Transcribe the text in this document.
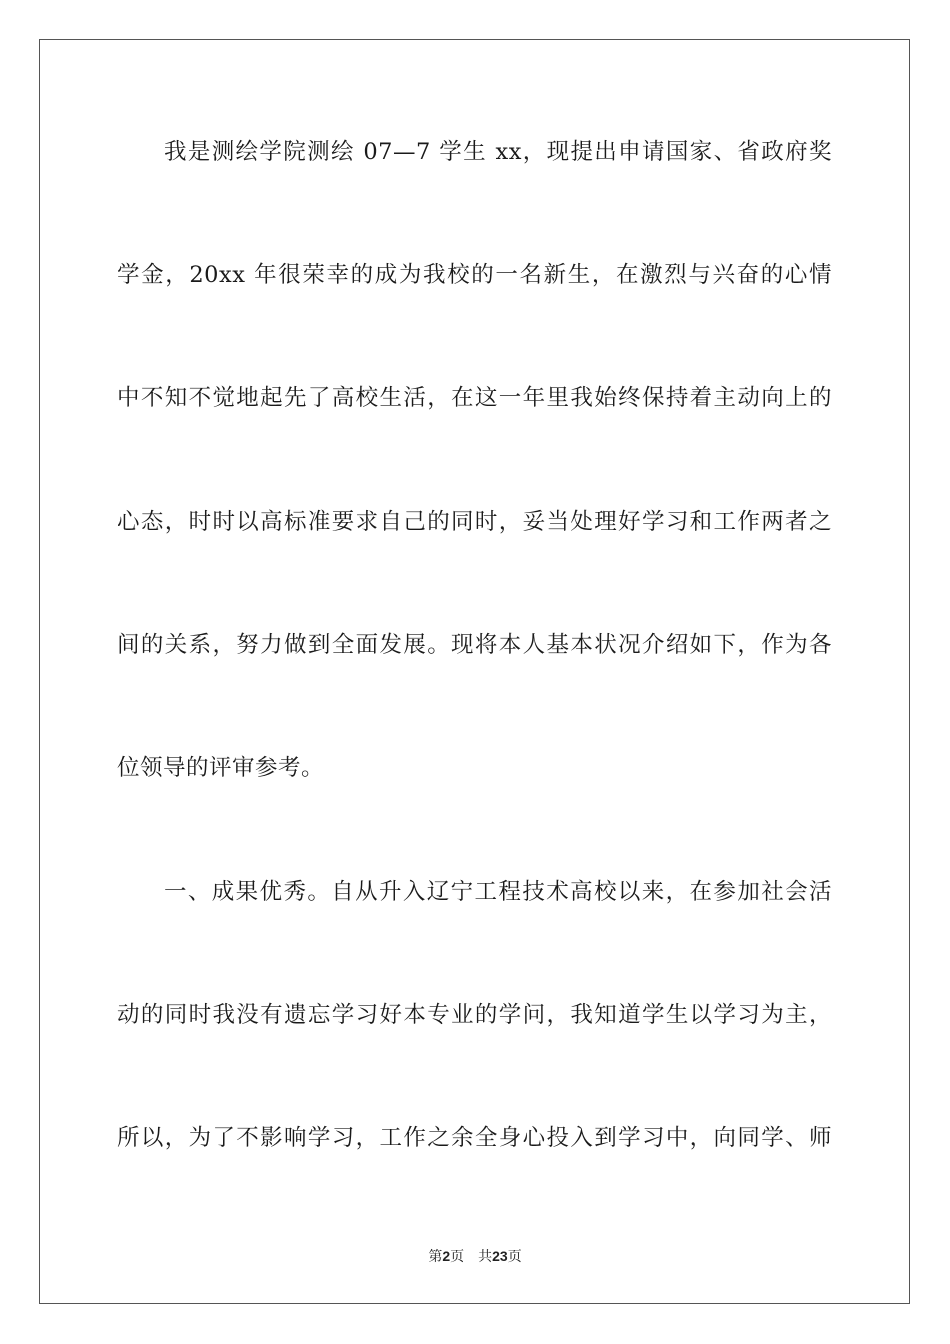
我是测绘学院测绘 07—7 学生 xx，现提出申请国家、省政府奖
学金，20xx 年很荣幸的成为我校的一名新生，在激烈与兴奋的心情
中不知不觉地起先了高校生活，在这一年里我始终保持着主动向上的
心态，时时以高标准要求自己的同时，妥当处理好学习和工作两者之
间的关系，努力做到全面发展。现将本人基本状况介绍如下，作为各
位领导的评审参考。
一、成果优秀。自从升入辽宁工程技术高校以来，在参加社会活
动的同时我没有遗忘学习好本专业的学问，我知道学生以学习为主，
所以，为了不影响学习，工作之余全身心投入到学习中，向同学、师
第2页 共23页
